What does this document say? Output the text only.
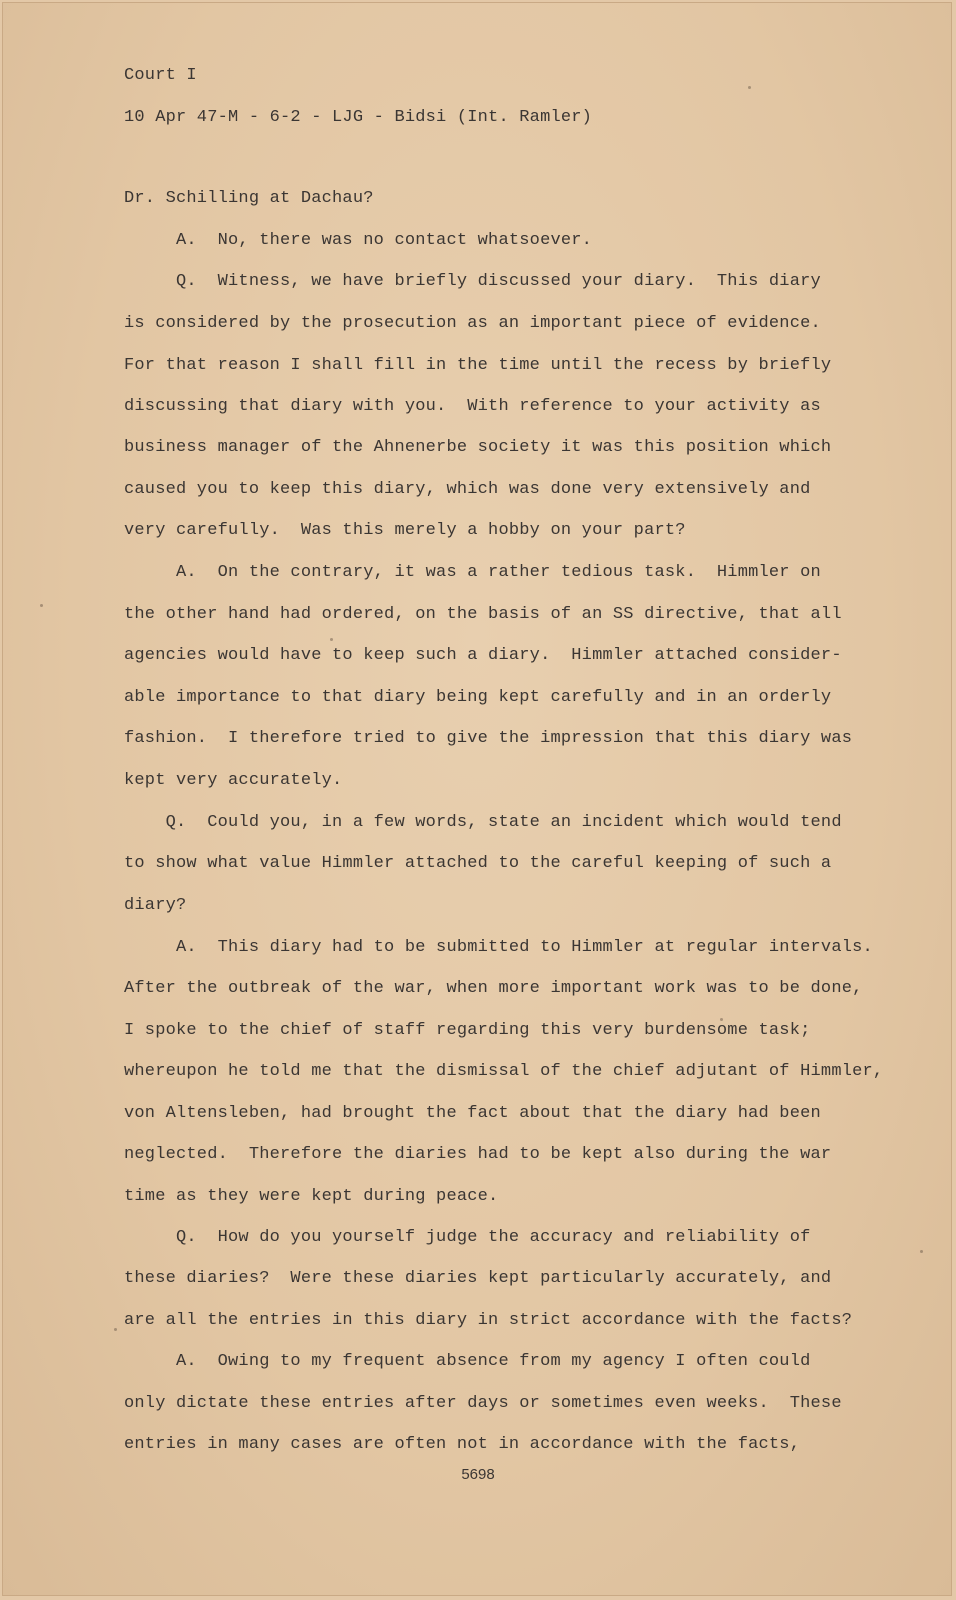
Court I
10 Apr 47-M - 6-2 - LJG - Bidsi (Int. Ramler)
Dr. Schilling at Dachau?
A.  No, there was no contact whatsoever.
Q.  Witness, we have briefly discussed your diary.  This diary
is considered by the prosecution as an important piece of evidence.
For that reason I shall fill in the time until the recess by briefly
discussing that diary with you.  With reference to your activity as
business manager of the Ahnenerbe society it was this position which
caused you to keep this diary, which was done very extensively and
very carefully.  Was this merely a hobby on your part?
A.  On the contrary, it was a rather tedious task.  Himmler on
the other hand had ordered, on the basis of an SS directive, that all
agencies would have to keep such a diary.  Himmler attached consider-
able importance to that diary being kept carefully and in an orderly
fashion.  I therefore tried to give the impression that this diary was
kept very accurately.
Q.  Could you, in a few words, state an incident which would tend
to show what value Himmler attached to the careful keeping of such a
diary?
A.  This diary had to be submitted to Himmler at regular intervals.
After the outbreak of the war, when more important work was to be done,
I spoke to the chief of staff regarding this very burdensome task;
whereupon he told me that the dismissal of the chief adjutant of Himmler,
von Altensleben, had brought the fact about that the diary had been
neglected.  Therefore the diaries had to be kept also during the war
time as they were kept during peace.
Q.  How do you yourself judge the accuracy and reliability of
these diaries?  Were these diaries kept particularly accurately, and
are all the entries in this diary in strict accordance with the facts?
A.  Owing to my frequent absence from my agency I often could
only dictate these entries after days or sometimes even weeks.  These
entries in many cases are often not in accordance with the facts,
5698
